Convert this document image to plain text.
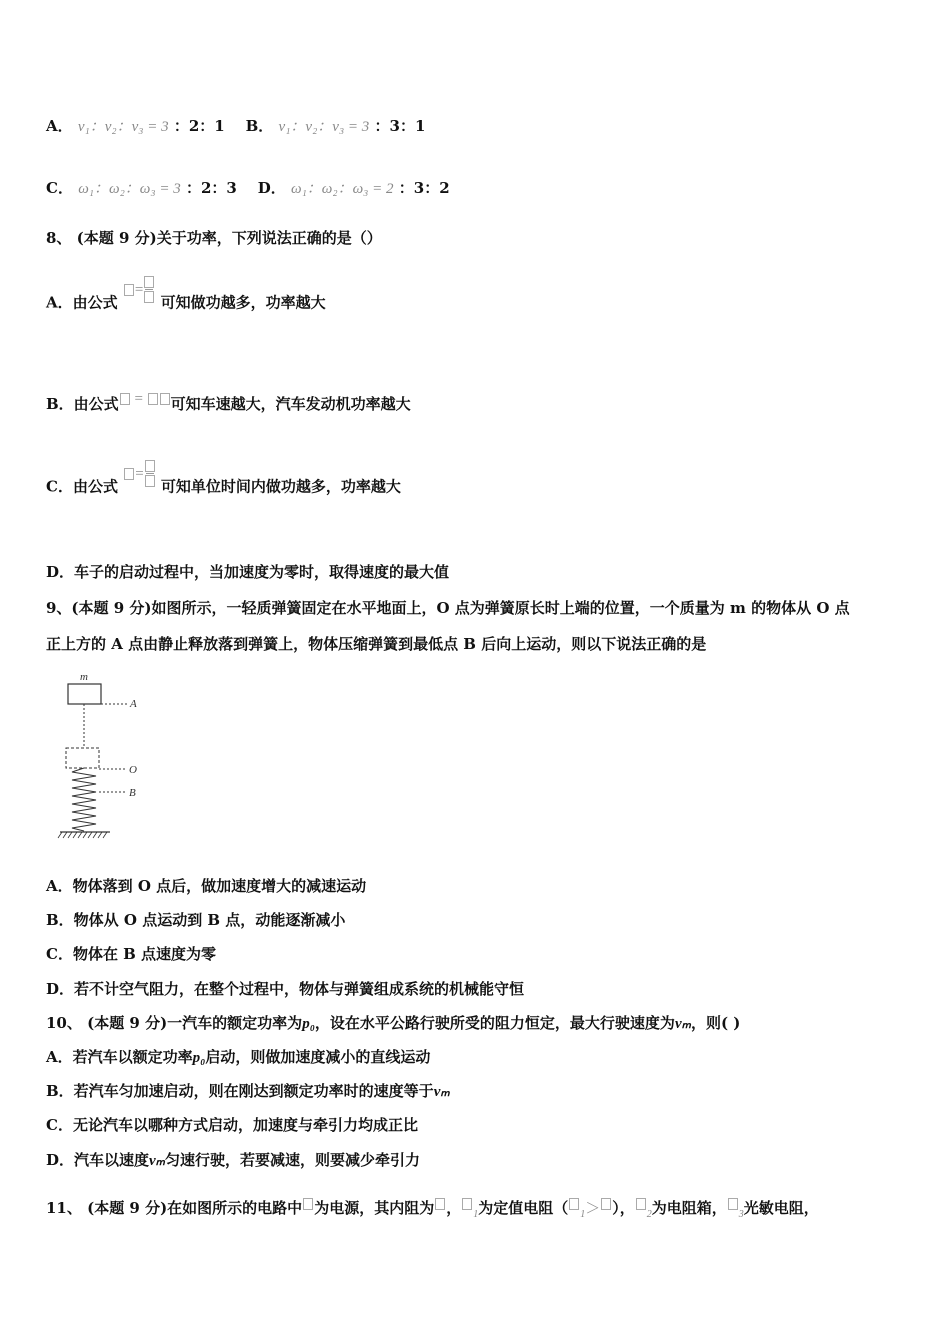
A． v₁：v₂：v₃ = 3 ：2：1 B． v₁：v₂：v₃ = 3 ：3：1
C． ω₁：ω₂：ω₃ = 3 ：2：3 D． ω₁：ω₂：ω₃ = 2 ：3：2
8、 (本题 9 分)关于功率，下列说法正确的是（）
A．由公式 =
可知做功越多，功率越大
B．由公式 = 可知车速越大，汽车发动机功率越大
C．由公式 =
可知单位时间内做功越多，功率越大
D．车子的启动过程中，当加速度为零时，取得速度的最大值
9、(本题 9 分)如图所示，一轻质弹簧固定在水平地面上，O 点为弹簧原长时上端的位置，一个质量为 m 的物体从 O 点
正上方的 A 点由静止释放落到弹簧上，物体压缩弹簧到最低点 B 后向上运动，则以下说法正确的是
m
A
O
B
A．物体落到 O 点后，做加速度增大的减速运动
B．物体从 O 点运动到 B 点，动能逐渐减小
C．物体在 B 点速度为零
D．若不计空气阻力，在整个过程中，物体与弹簧组成系统的机械能守恒
10、 (本题 9 分)一汽车的额定功率为p₀，设在水平公路行驶所受的阻力恒定，最大行驶速度为vₘ，则( )
A．若汽车以额定功率p₀启动，则做加速度减小的直线运动
B．若汽车匀加速启动，则在刚达到额定功率时的速度等于vₘ
C．无论汽车以哪种方式启动，加速度与牵引力均成正比
D．汽车以速度vₘ匀速行驶，若要减速，则要减少牵引力
11、 (本题 9 分)在如图所示的电路中 为电源，其内阻为 ， $_1$为定值电阻（ $_1$＞ ）， $_2$为电阻箱， $_3$光敏电阻，
